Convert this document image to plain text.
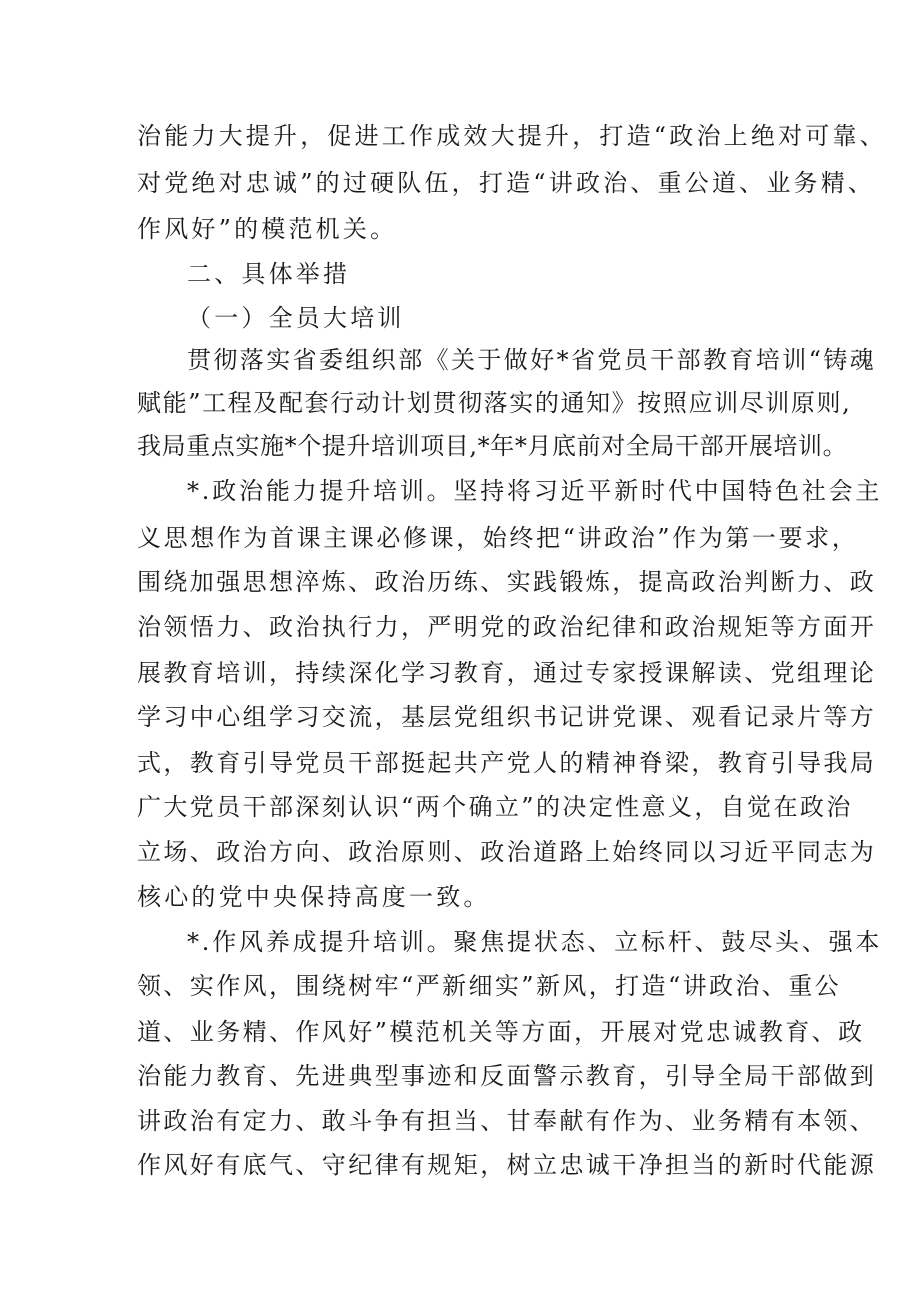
治能力大提升，促进工作成效大提升，打造“政治上绝对可靠、
对党绝对忠诚”的过硬队伍，打造“讲政治、重公道、业务精、
作风好”的模范机关。
二、具体举措
（一）全员大培训
贯彻落实省委组织部《关于做好*省党员干部教育培训“铸魂
赋能”工程及配套行动计划贯彻落实的通知》按照应训尽训原则,
我局重点实施*个提升培训项目,*年*月底前对全局干部开展培训。
*.政治能力提升培训。坚持将习近平新时代中国特色社会主
义思想作为首课主课必修课，始终把“讲政治”作为第一要求，
围绕加强思想淬炼、政治历练、实践锻炼，提高政治判断力、政
治领悟力、政治执行力，严明党的政治纪律和政治规矩等方面开
展教育培训，持续深化学习教育，通过专家授课解读、党组理论
学习中心组学习交流，基层党组织书记讲党课、观看记录片等方
式，教育引导党员干部挺起共产党人的精神脊梁，教育引导我局
广大党员干部深刻认识“两个确立”的决定性意义，自觉在政治
立场、政治方向、政治原则、政治道路上始终同以习近平同志为
核心的党中央保持高度一致。
*.作风养成提升培训。聚焦提状态、立标杆、鼓尽头、强本
领、实作风，围绕树牢“严新细实”新风，打造“讲政治、重公
道、业务精、作风好”模范机关等方面，开展对党忠诚教育、政
治能力教育、先进典型事迹和反面警示教育，引导全局干部做到
讲政治有定力、敢斗争有担当、甘奉献有作为、业务精有本领、
作风好有底气、守纪律有规矩，树立忠诚干净担当的新时代能源
